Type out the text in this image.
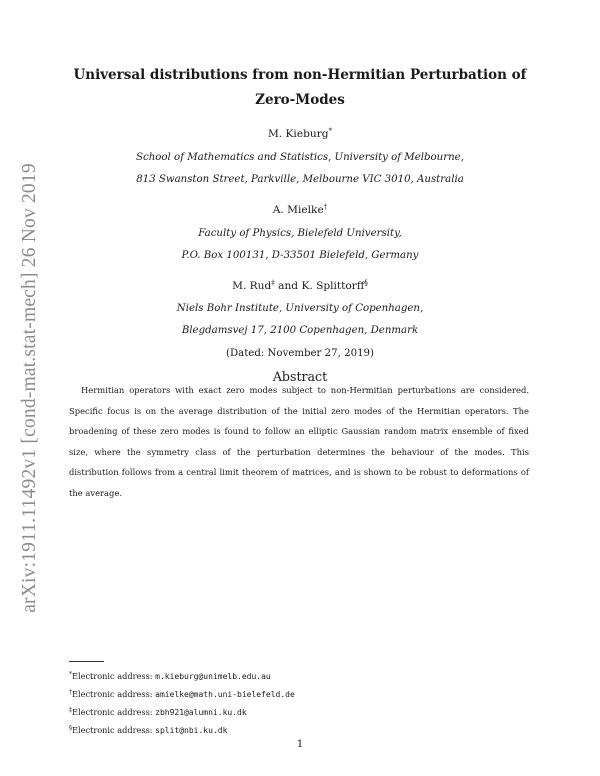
arXiv:1911.11492v1 [cond-mat.stat-mech] 26 Nov 2019
Universal distributions from non-Hermitian Perturbation of
Zero-Modes
M. Kieburg*
School of Mathematics and Statistics, University of Melbourne,
813 Swanston Street, Parkville, Melbourne VIC 3010, Australia
A. Mielke†
Faculty of Physics, Bielefeld University,
P.O. Box 100131, D-33501 Bielefeld, Germany
M. Rud‡ and K. Splittorff§
Niels Bohr Institute, University of Copenhagen,
Blegdamsvej 17, 2100 Copenhagen, Denmark
(Dated: November 27, 2019)
Abstract

Hermitian operators with exact zero modes subject to non-Hermitian perturbations are considered. Specific focus is on the average distribution of the initial zero modes of the Hermitian operators. The broadening of these zero modes is found to follow an elliptic Gaussian random matrix ensemble of fixed size, where the symmetry class of the perturbation determines the behaviour of the modes. This distribution follows from a central limit theorem of matrices, and is shown to be robust to deformations of the average.

*Electronic address: m.kieburg@unimelb.edu.au
†Electronic address: amielke@math.uni-bielefeld.de
‡Electronic address: zbh921@alumni.ku.dk
§Electronic address: split@nbi.ku.dk
1
